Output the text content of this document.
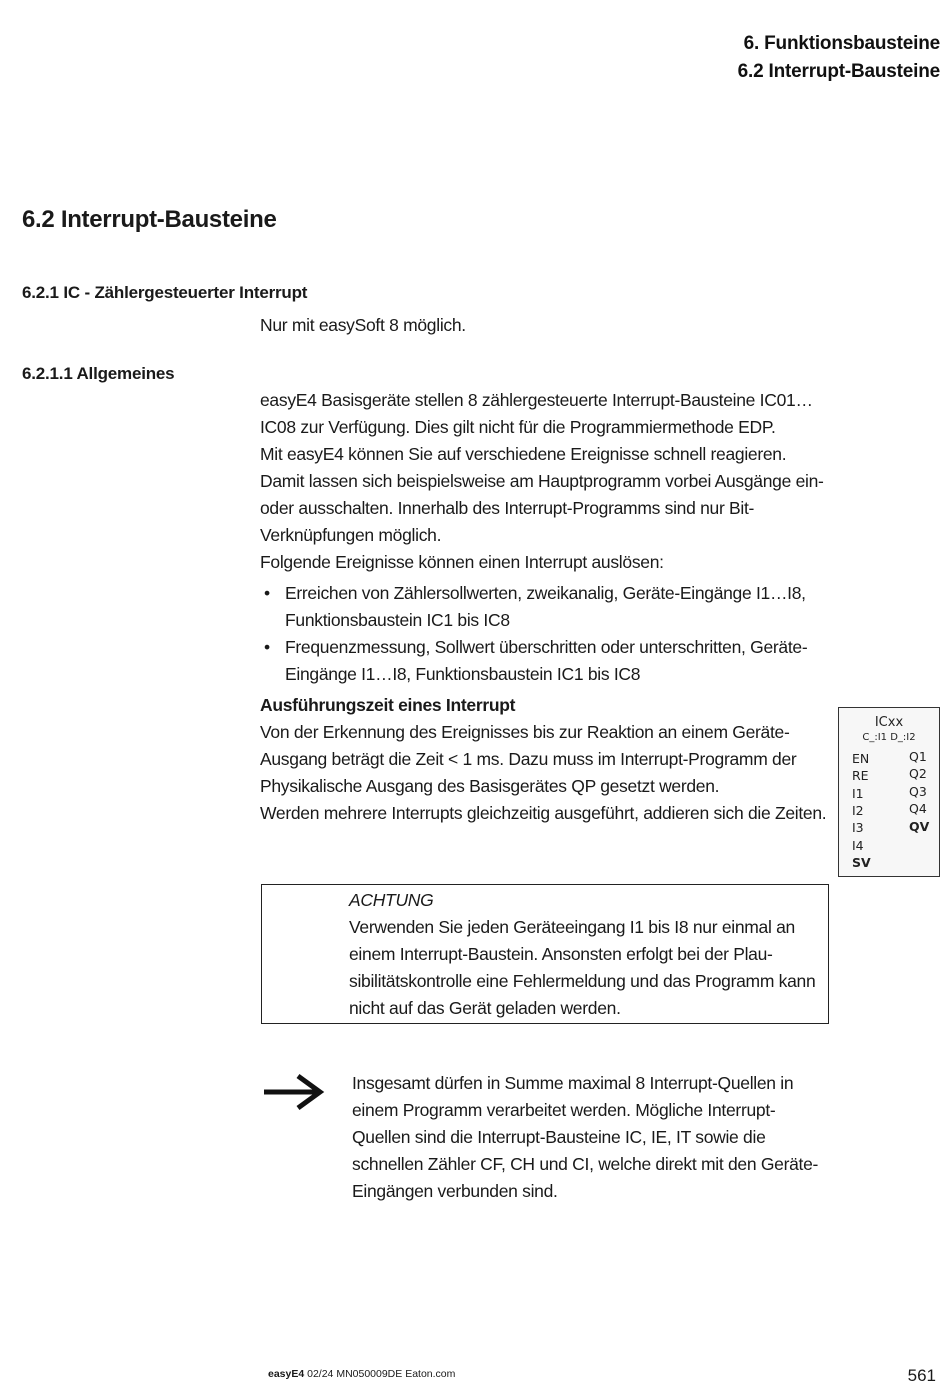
6. Funktionsbausteine
6.2 Interrupt-Bausteine
6.2 Interrupt-Bausteine
6.2.1 IC - Zählergesteuerter Interrupt

Nur mit easySoft 8 möglich.

6.2.1.1 Allgemeines

easyE4 Basisgeräte stellen 8 zählergesteuerte Interrupt-Bausteine IC01…IC08 zur Verfügung. Dies gilt nicht für die Programmiermethode EDP.

Mit easyE4 können Sie auf verschiedene Ereignisse schnell reagieren. Damit lassen sich beispielsweise am Hauptprogramm vorbei Ausgänge ein- oder ausschalten. Innerhalb des Interrupt-Programms sind nur Bit-Verknüpfungen möglich.

Folgende Ereignisse können einen Interrupt auslösen:

• Erreichen von Zählersollwerten, zweikanalig, Geräte-Eingänge I1…I8, Funktionsbaustein IC1 bis IC8
• Frequenzmessung, Sollwert überschritten oder unterschritten, Geräte-Eingänge I1…I8, Funktionsbaustein IC1 bis IC8

Ausführungszeit eines Interrupt

Von der Erkennung des Ereignisses bis zur Reaktion an einem Geräte-Ausgang beträgt die Zeit < 1 ms. Dazu muss im Interrupt-Programm der Physikalische Ausgang des Basisgerätes QP gesetzt werden.

Werden mehrere Interrupts gleichzeitig ausgeführt, addieren sich die Zeiten.

ACHTUNG
Verwenden Sie jeden Geräteeingang I1 bis I8 nur einmal an einem Interrupt-Baustein. Ansonsten erfolgt bei der Plau-sibilitätskontrolle eine Fehlermeldung und das Programm kann nicht auf das Gerät geladen werden.
Insgesamt dürfen in Summe maximal 8 Interrupt-Quellen in einem Programm verarbeitet werden. Mögliche Interrupt-Quellen sind die Interrupt-Bausteine IC, IE, IT sowie die schnellen Zähler CF, CH und CI, welche direkt mit den Geräte-Eingängen verbunden sind.
ICxx
C_:I1 D_:I2
EN
RE
I1
I2
I3
I4
SV
Q1
Q2
Q3
Q4
QV
easyE4 02/24 MN050009DE Eaton.com	561
